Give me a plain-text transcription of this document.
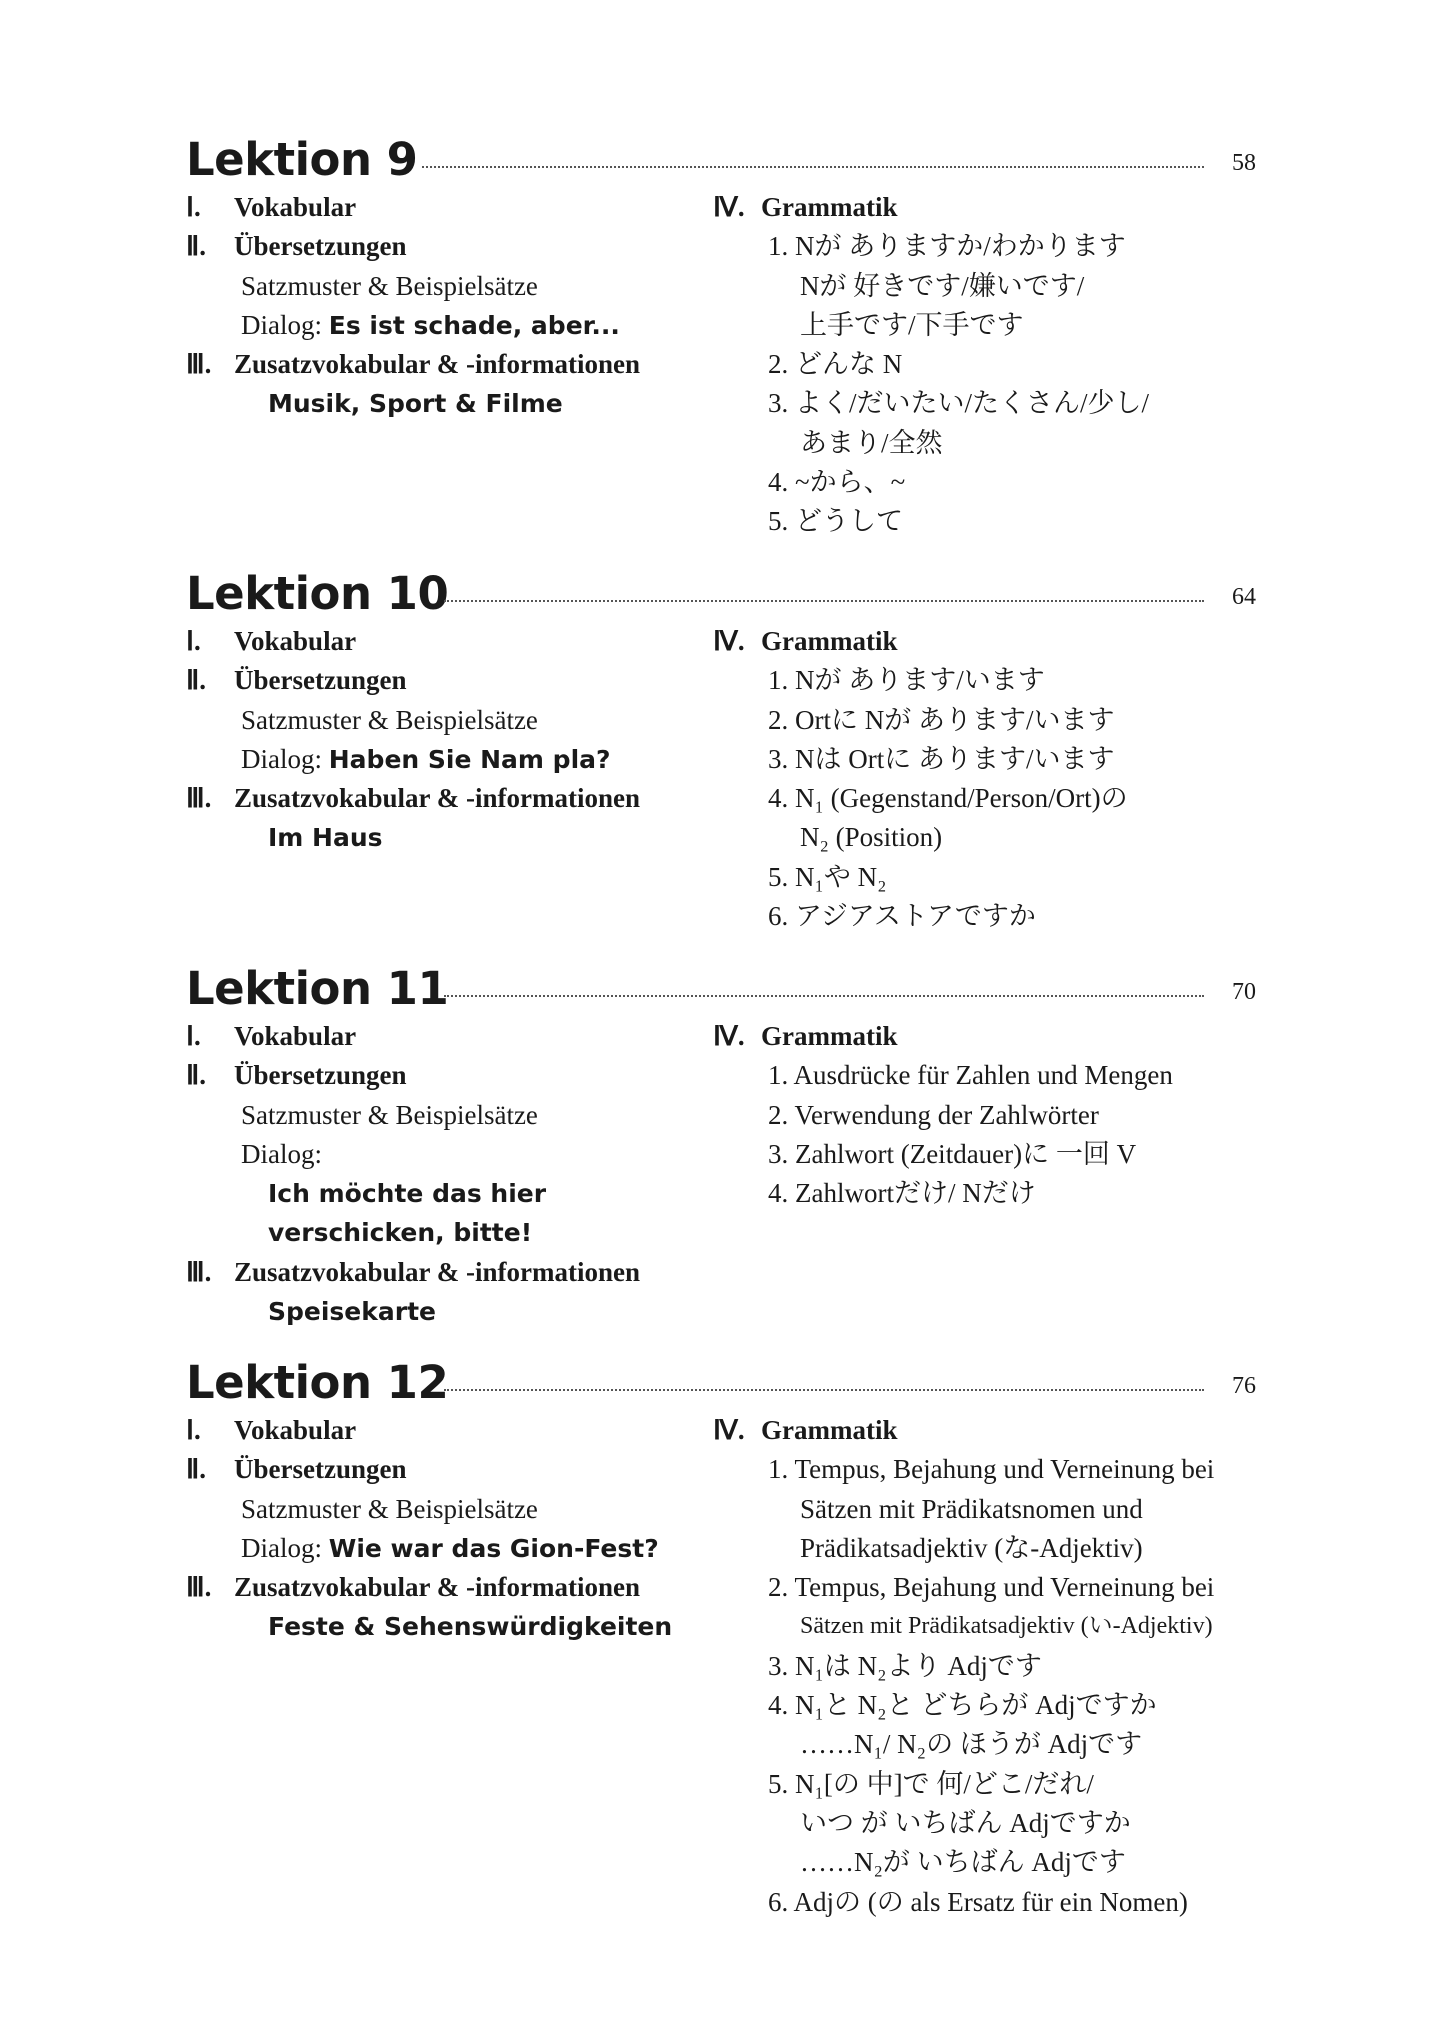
Lektion 9	58
Ⅰ. Vokabular
Ⅱ. Übersetzungen
Satzmuster & Beispielsätze
Dialog: Es ist schade, aber...
Ⅲ. Zusatzvokabular & -informationen
Musik, Sport & Filme
Ⅳ. Grammatik
1. Nが ありますか/わかります
Nが 好きです/嫌いです/
上手です/下手です
2. どんな N
3. よく/だいたい/たくさん/少し/
あまり/全然
4. ~から、~
5. どうして
Lektion 10	64
Ⅰ. Vokabular
Ⅱ. Übersetzungen
Satzmuster & Beispielsätze
Dialog: Haben Sie Nam pla?
Ⅲ. Zusatzvokabular & -informationen
Im Haus
Ⅳ. Grammatik
1. Nが あります/います
2. Ortに Nが あります/います
3. Nは Ortに あります/います
4. N₁ (Gegenstand/Person/Ort)の
N₂ (Position)
5. N₁や N₂
6. アジアストアですか
Lektion 11	70
Ⅰ. Vokabular
Ⅱ. Übersetzungen
Satzmuster & Beispielsätze
Dialog:
Ich möchte das hier
verschicken, bitte!
Ⅲ. Zusatzvokabular & -informationen
Speisekarte
Ⅳ. Grammatik
1. Ausdrücke für Zahlen und Mengen
2. Verwendung der Zahlwörter
3. Zahlwort (Zeitdauer)に 一回 V
4. Zahlwortだけ/ Nだけ
Lektion 12	76
Ⅰ. Vokabular
Ⅱ. Übersetzungen
Satzmuster & Beispielsätze
Dialog: Wie war das Gion-Fest?
Ⅲ. Zusatzvokabular & -informationen
Feste & Sehenswürdigkeiten
Ⅳ. Grammatik
1. Tempus, Bejahung und Verneinung bei
Sätzen mit Prädikatsnomen und
Prädikatsadjektiv (な-Adjektiv)
2. Tempus, Bejahung und Verneinung bei
Sätzen mit Prädikatsadjektiv (い-Adjektiv)
3. N₁は N₂より Adjです
4. N₁と N₂と どちらが Adjですか
……N₁/ N₂の ほうが Adjです
5. N₁[の 中]で 何/どこ/だれ/
いつ が いちばん Adjですか
……N₂が いちばん Adjです
6. Adjの (の als Ersatz für ein Nomen)
